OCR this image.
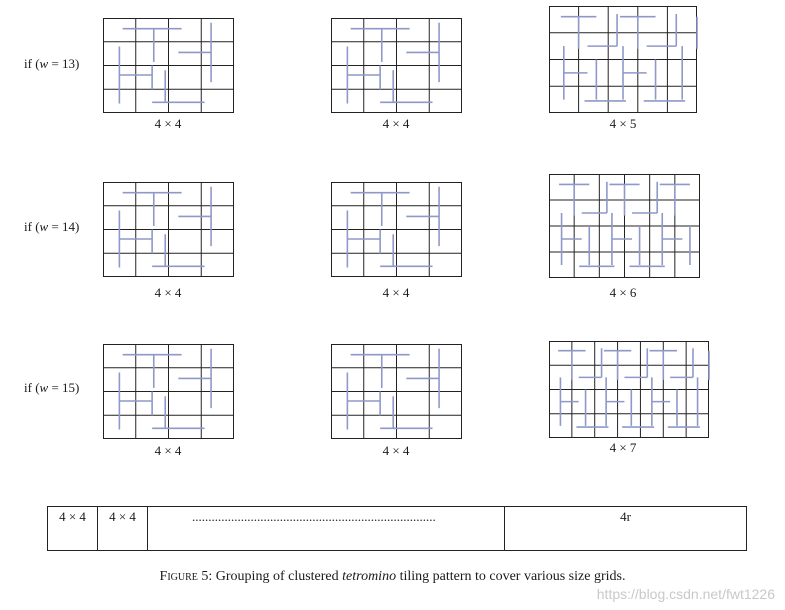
if (w = 13)
if (w = 14)
if (w = 15)
4 × 4	4 × 4	4 × 5
4 × 4	4 × 4	4 × 6
4 × 4	4 × 4	4 × 7
4 × 4	4 × 4	...........................................................................	4r
Figure 5: Grouping of clustered tetromino tiling pattern to cover various size grids.
https://blog.csdn.net/fwt1226
